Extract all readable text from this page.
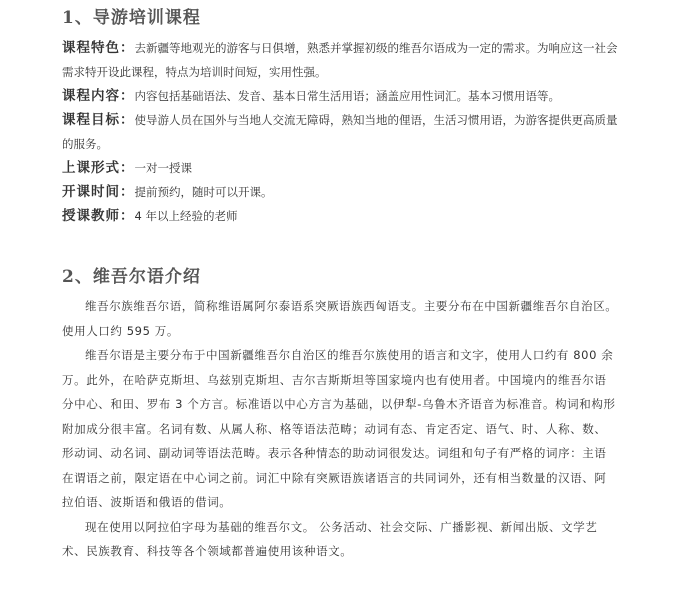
1、导游培训课程

课程特色：去新疆等地观光的游客与日俱增，熟悉并掌握初级的维吾尔语成为一定的需求。为响应这一社会需求特开设此课程，特点为培训时间短，实用性强。

课程内容：内容包括基础语法、发音、基本日常生活用语；涵盖应用性词汇。基本习惯用语等。

课程目标：使导游人员在国外与当地人交流无障碍，熟知当地的俚语，生活习惯用语，为游客提供更高质量的服务。

上课形式：一对一授课

开课时间：提前预约，随时可以开课。

授课教师：4 年以上经验的老师

2、维吾尔语介绍

维吾尔族维吾尔语，简称维语属阿尔泰语系突厥语族西匈语支。主要分布在中国新疆维吾尔自治区。使用人口约 595 万。

维吾尔语是主要分布于中国新疆维吾尔自治区的维吾尔族使用的语言和文字，使用人口约有 800 余万。此外，在哈萨克斯坦、乌兹别克斯坦、吉尔吉斯斯坦等国家境内也有使用者。中国境内的维吾尔语分中心、和田、罗布 3 个方言。标准语以中心方言为基础，以伊犁-乌鲁木齐语音为标准音。构词和构形附加成分很丰富。名词有数、从属人称、格等语法范畴；动词有态、肯定否定、语气、时、人称、数、形动词、动名词、副动词等语法范畴。表示各种情态的助动词很发达。词组和句子有严格的词序：主语在谓语之前，限定语在中心词之前。词汇中除有突厥语族诸语言的共同词外，还有相当数量的汉语、阿拉伯语、波斯语和俄语的借词。

现在使用以阿拉伯字母为基础的维吾尔文。 公务活动、社会交际、广播影视、新闻出版、文学艺术、民族教育、科技等各个领域都普遍使用该种语文。
